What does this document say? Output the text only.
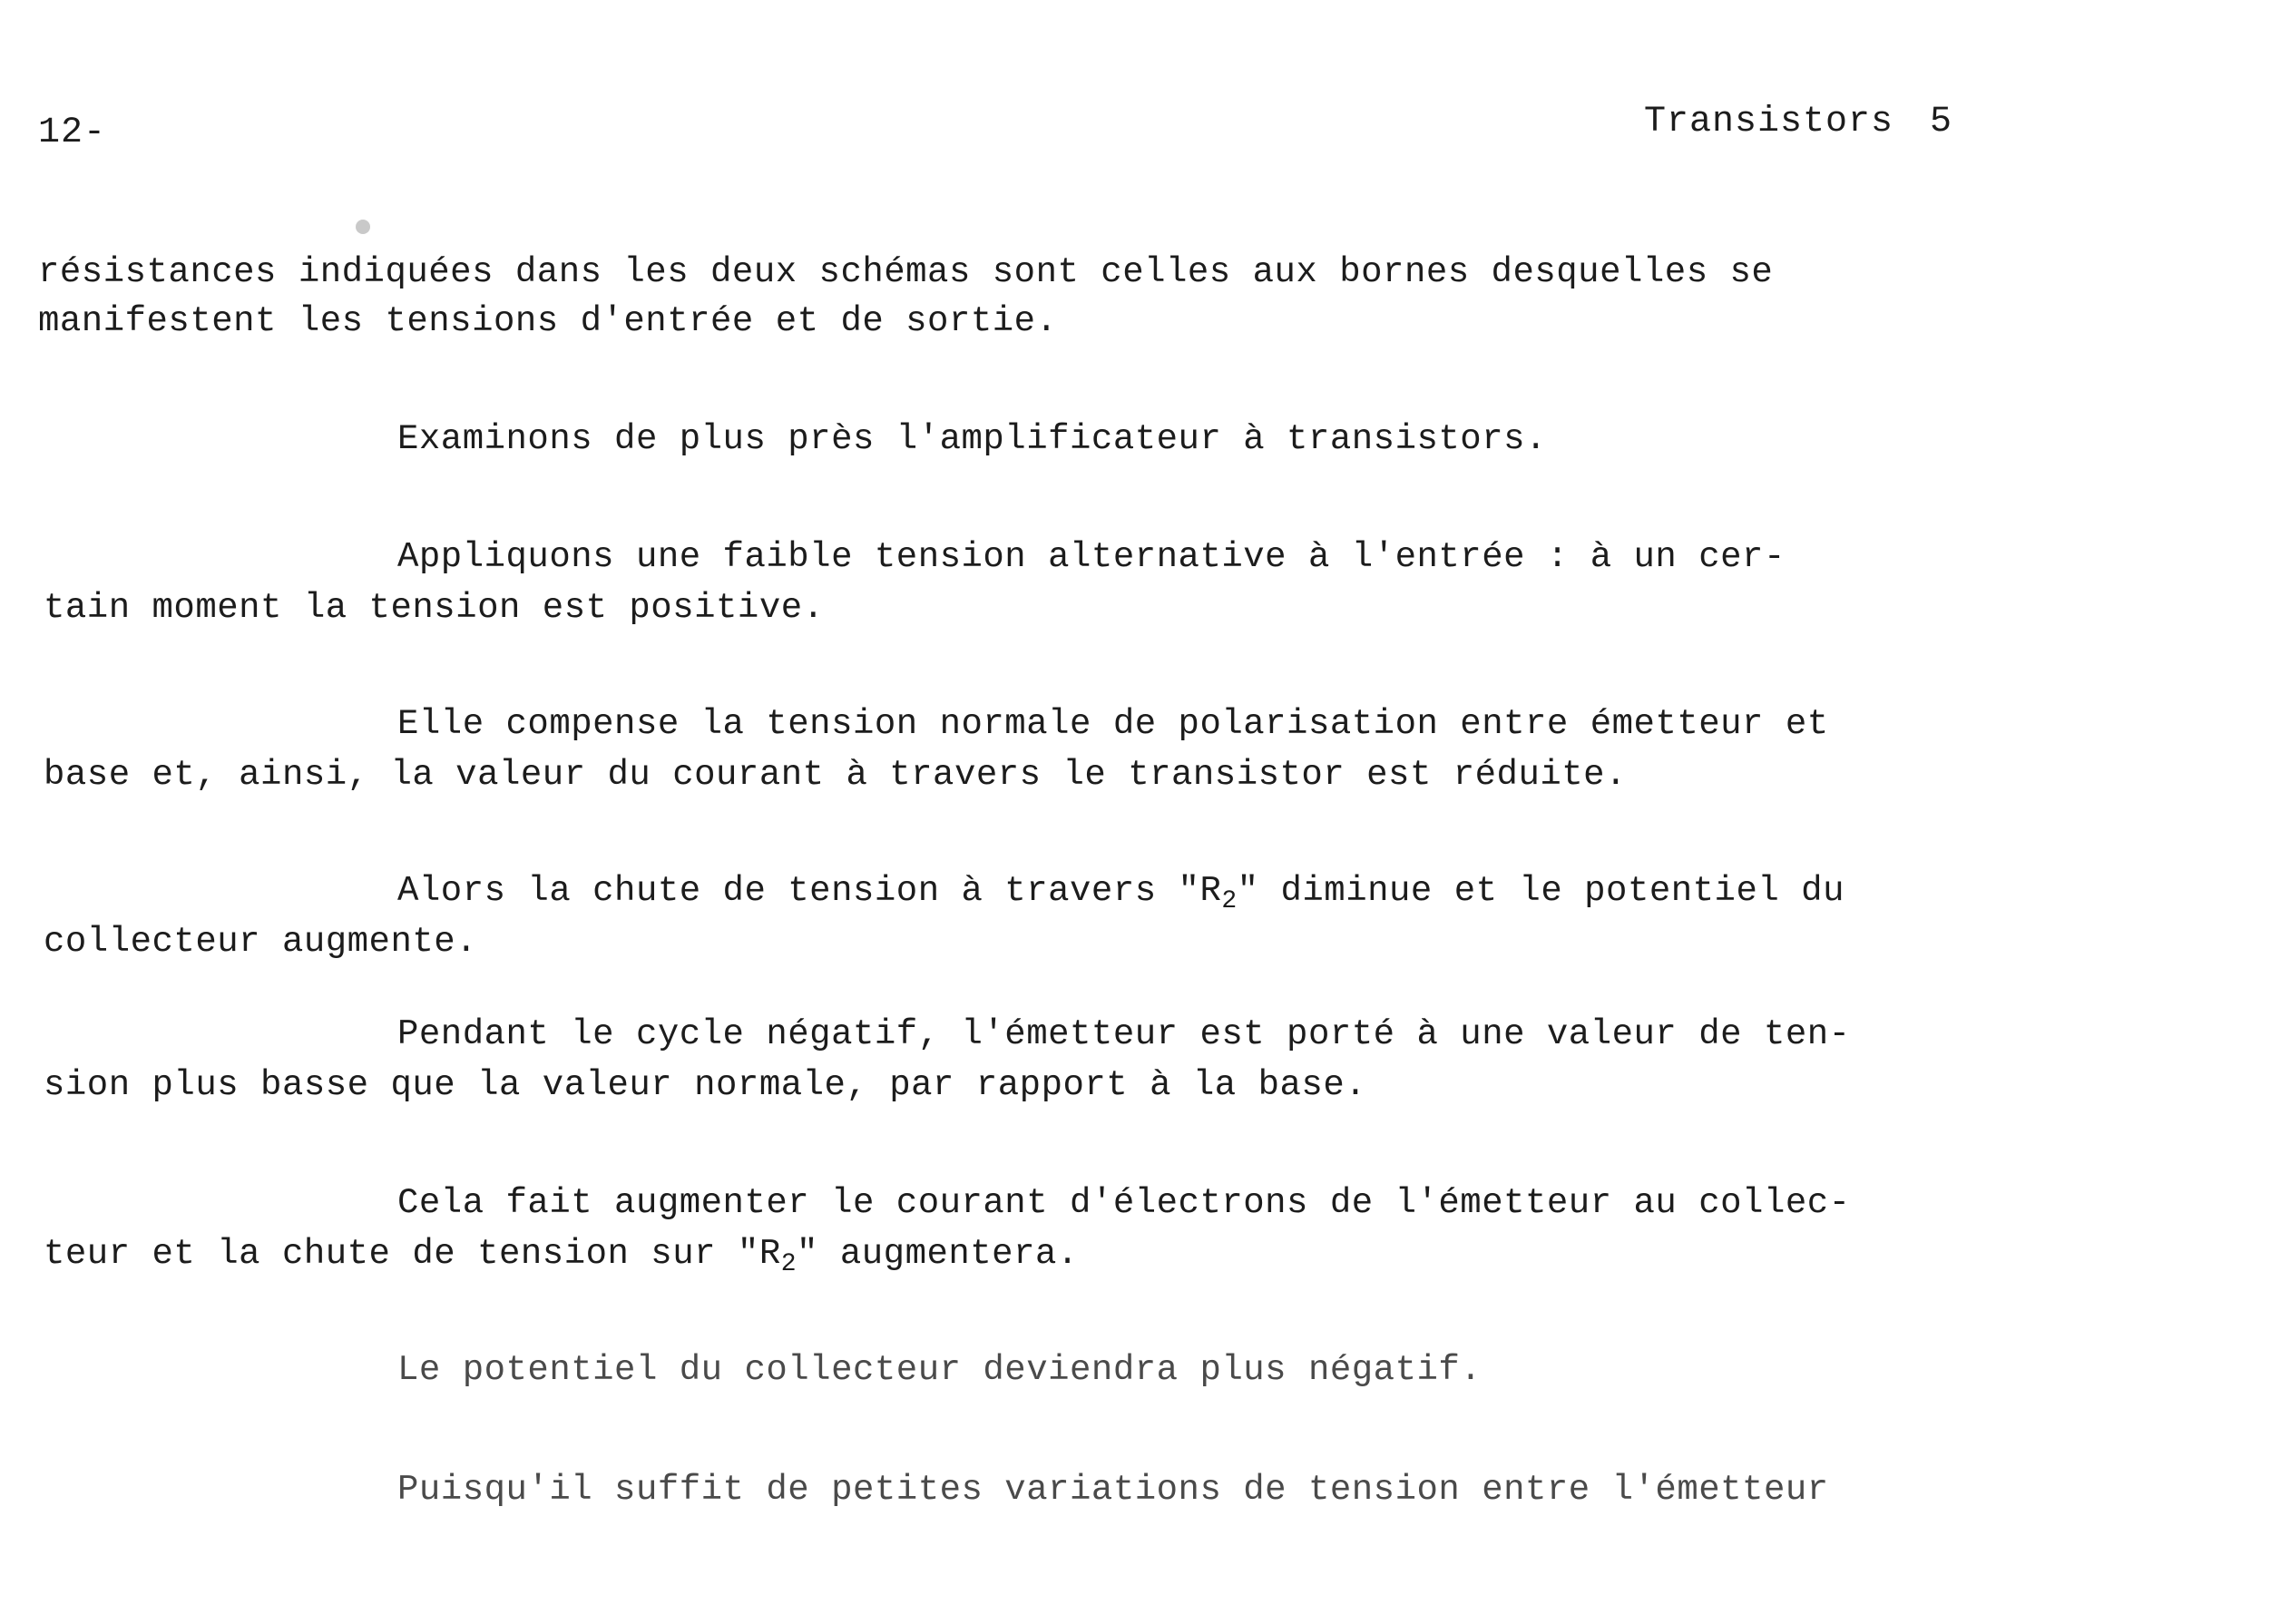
12-	Transistors 5
résistances indiquées dans les deux schémas sont celles aux bornes desquelles se
manifestent les tensions d'entrée et de sortie.
Examinons de plus près l'amplificateur à transistors.
Appliquons une faible tension alternative à l'entrée : à un cer-
tain moment la tension est positive.
Elle compense la tension normale de polarisation entre émetteur et
base et, ainsi, la valeur du courant à travers le transistor est réduite.
Alors la chute de tension à travers "$R_2$" diminue et le potentiel du
collecteur augmente.
Pendant le cycle négatif, l'émetteur est porté à une valeur de ten-
sion plus basse que la valeur normale, par rapport à la base.
Cela fait augmenter le courant d'électrons de l'émetteur au collec-
teur et la chute de tension sur "$R_2$" augmentera.
Le potentiel du collecteur deviendra plus négatif.
Puisqu'il suffit de petites variations de tension entre l'émetteur
